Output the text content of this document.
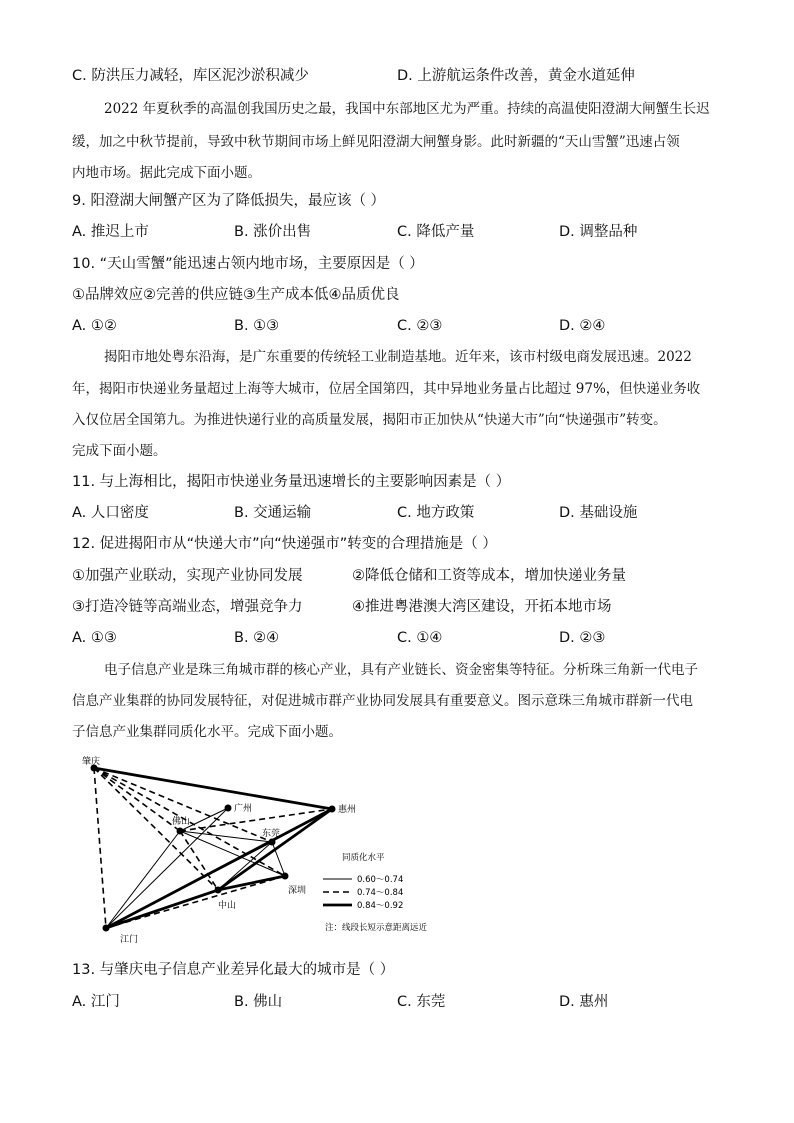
C. 防洪压力减轻，库区泥沙淤积减少	D. 上游航运条件改善，黄金水道延伸
2022 年夏秋季的高温创我国历史之最，我国中东部地区尤为严重。持续的高温使阳澄湖大闸蟹生长迟
缓，加之中秋节提前，导致中秋节期间市场上鲜见阳澄湖大闸蟹身影。此时新疆的“天山雪蟹”迅速占领
内地市场。据此完成下面小题。
9. 阳澄湖大闸蟹产区为了降低损失，最应该（ ）
A. 推迟上市	B. 涨价出售	C. 降低产量	D. 调整品种
10. “天山雪蟹”能迅速占领内地市场，主要原因是（ ）
①品牌效应②完善的供应链③生产成本低④品质优良
A. ①②	B. ①③	C. ②③	D. ②④
揭阳市地处粤东沿海，是广东重要的传统轻工业制造基地。近年来，该市村级电商发展迅速。2022
年，揭阳市快递业务量超过上海等大城市，位居全国第四，其中异地业务量占比超过 97%，但快递业务收
入仅位居全国第九。为推进快递行业的高质量发展，揭阳市正加快从“快递大市”向“快递强市”转变。
完成下面小题。
11. 与上海相比，揭阳市快递业务量迅速增长的主要影响因素是（ ）
A. 人口密度	B. 交通运输	C. 地方政策	D. 基础设施
12. 促进揭阳市从“快递大市”向“快递强市”转变的合理措施是（ ）
①加强产业联动，实现产业协同发展	②降低仓储和工资等成本，增加快递业务量
③打造冷链等高端业态，增强竞争力	④推进粤港澳大湾区建设，开拓本地市场
A. ①③	B. ②④	C. ①④	D. ②③
电子信息产业是珠三角城市群的核心产业，具有产业链长、资金密集等特征。分析珠三角新一代电子
信息产业集群的协同发展特征，对促进城市群产业协同发展具有重要意义。图示意珠三角城市群新一代电
子信息产业集群同质化水平。完成下面小题。
肇庆
广州
佛山
惠州
东莞
深圳
中山
江门
同质化水平
0.60～0.74
0.74～0.84
0.84～0.92
注：线段长短示意距离远近
13. 与肇庆电子信息产业差异化最大的城市是（ ）
A. 江门	B. 佛山	C. 东莞	D. 惠州
